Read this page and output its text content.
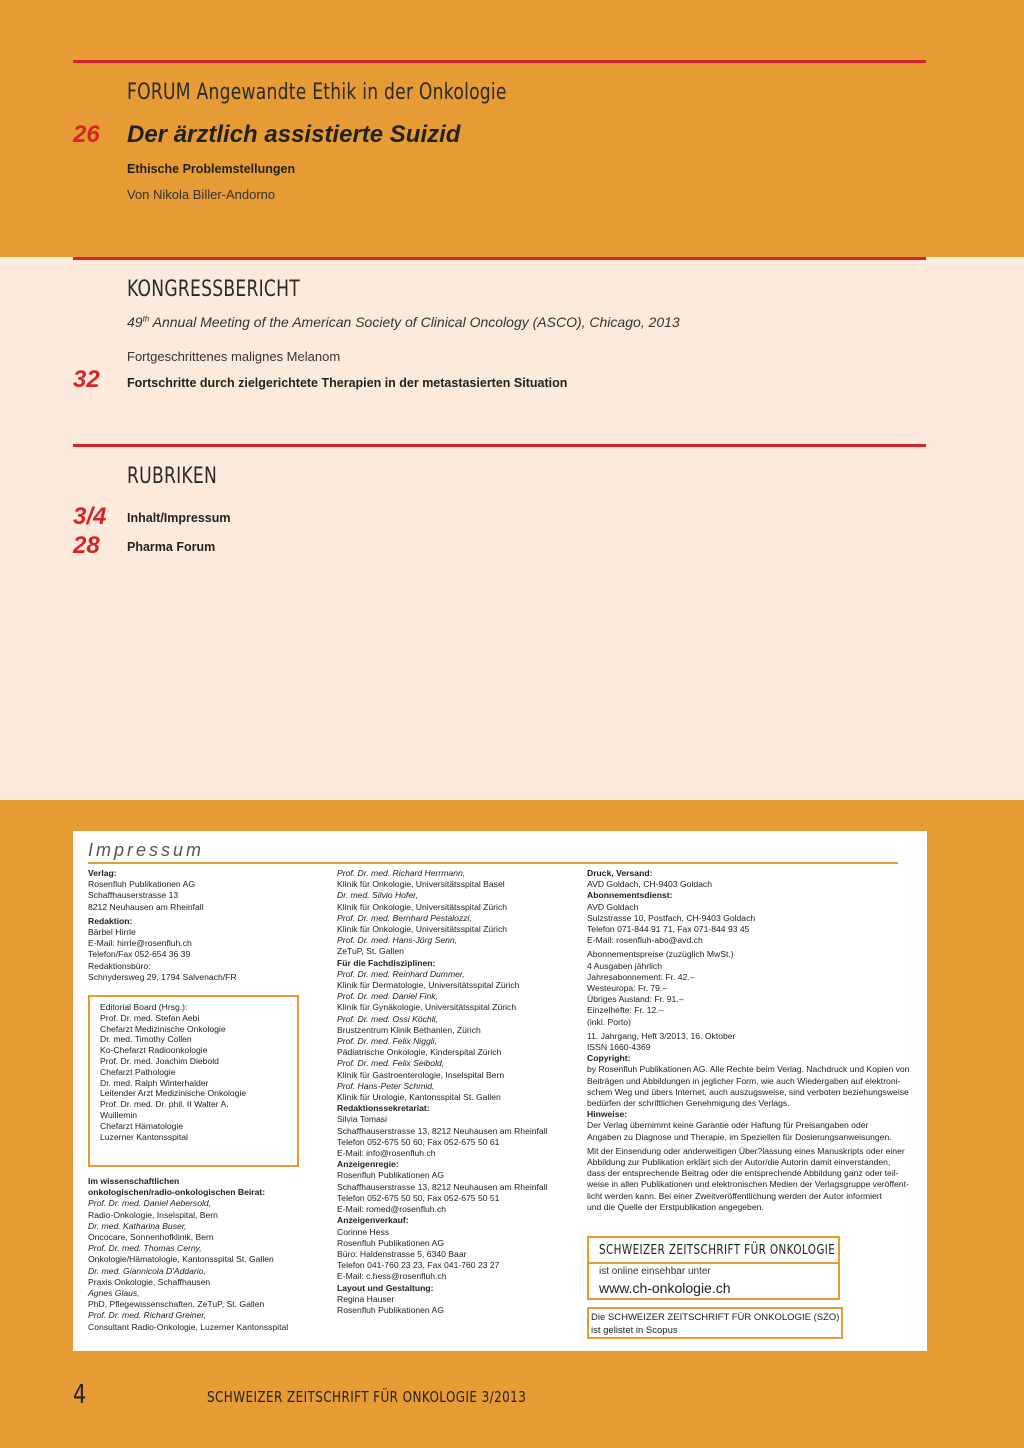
FORUM Angewandte Ethik in der Onkologie
26	Der ärztlich assistierte Suizid
Ethische Problemstellungen
Von Nikola Biller-Andorno
KONGRESSBERICHT
49th Annual Meeting of the American Society of Clinical Oncology (ASCO), Chicago, 2013
Fortgeschrittenes malignes Melanom
32	Fortschritte durch zielgerichtete Therapien in der metastasierten Situation
RUBRIKEN
3/4 Inhalt/Impressum
28	Pharma Forum
Impressum
Verlag:
Rosenfluh Publikationen AG
Schaffhauserstrasse 13
8212 Neuhausen am Rheinfall
Redaktion:
Bärbel Hirrle
E-Mail: hirrle@rosenfluh.ch
Telefon/Fax 052-654 36 39
Redaktionsbüro:
Schnydersweg 29, 1794 Salvenach/FR
Editorial Board (Hrsg.):
Prof. Dr. med. Stefan Aebi
Chefarzt Medizinische Onkologie
Dr. med. Timothy Collen
Ko-Chefarzt Radioonkologie
Prof. Dr. med. Joachim Diebold
Chefarzt Pathologie
Dr. med. Ralph Winterhalder
Leitender Arzt Medizinische Onkologie
Prof. Dr. med. Dr. phil. II Walter A.
Wuillemin
Chefarzt Hämatologie
Luzerner Kantonsspital
Im wissenschaftlichen
onkologischen/radio-onkologischen Beirat:
Prof. Dr. med. Daniel Aebersold,
Radio-Onkologie, Inselspital, Bern
Dr. med. Katharina Buser,
Oncocare, Sonnenhofklinik, Bern
Prof. Dr. med. Thomas Cerny,
Onkologie/Hämatologie, Kantonsspital St. Gallen
Dr. med. Giannicola D'Addario,
Praxis Onkologie, Schaffhausen
Agnes Glaus,
PhD, Pflegewissenschaften, ZeTuP, St. Gallen
Prof. Dr. med. Richard Greiner,
Consultant Radio-Onkologie, Luzerner Kantonsspital
Prof. Dr. med. Richard Herrmann,
Klinik für Onkologie, Universitätsspital Basel
Dr. med. Silvio Hofer,
Klinik für Onkologie, Universitätsspital Zürich
Prof. Dr. med. Bernhard Pestalozzi,
Klinik für Onkologie, Universitätsspital Zürich
Prof. Dr. med. Hans-Jörg Senn,
ZeTuP, St. Gallen
Für die Fachdisziplinen:
Prof. Dr. med. Reinhard Dummer,
Klinik für Dermatologie, Universitätsspital Zürich
Prof. Dr. med. Daniel Fink,
Klinik für Gynäkologie, Universitätsspital Zürich
Prof. Dr. med. Ossi Köchli,
Brustzentrum Klinik Bethanien, Zürich
Prof. Dr. med. Felix Niggli,
Pädiatrische Onkologie, Kinderspital Zürich
Prof. Dr. med. Felix Seibold,
Klinik für Gastroenterologie, Inselspital Bern
Prof. Hans-Peter Schmid,
Klinik für Urologie, Kantonsspital St. Gallen
Redaktionssekretariat:
Silvia Tomasi
Schaffhauserstrasse 13, 8212 Neuhausen am Rheinfall
Telefon 052-675 50 60, Fax 052-675 50 61
E-Mail: info@rosenfluh.ch
Anzeigenregie:
Rosenfluh Publikationen AG
Schaffhauserstrasse 13, 8212 Neuhausen am Rheinfall
Telefon 052-675 50 50, Fax 052-675 50 51
E-Mail: romed@rosenfluh.ch
Anzeigenverkauf:
Corinne Hess
Rosenfluh Publikationen AG
Büro: Haldenstrasse 5, 6340 Baar
Telefon 041-760 23 23, Fax 041-760 23 27
E-Mail: c.hess@rosenfluh.ch
Layout und Gestaltung:
Regina Hauser
Rosenfluh Publikationen AG
Druck, Versand:
AVD Goldach, CH-9403 Goldach
Abonnementsdienst:
AVD Goldach
Sulzstrasse 10, Postfach, CH-9403 Goldach
Telefon 071-844 91 71, Fax 071-844 93 45
E-Mail: rosenfluh-abo@avd.ch
Abonnementspreise (zuzüglich MwSt.)
4 Ausgaben jährlich
Jahresabonnement: Fr. 42.–
Westeuropa: Fr. 79.–
Übriges Ausland: Fr. 91.–
Einzelhefte: Fr. 12.–
(inkl. Porto)
11. Jahrgang, Heft 3/2013, 16. Oktober
ISSN 1660-4369
Copyright:
by Rosenfluh Publikationen AG. Alle Rechte beim Verlag. Nachdruck und Kopien von
Beiträgen und Abbildungen in jeglicher Form, wie auch Wiedergaben auf elektroni-
schem Weg und übers Internet, auch auszugsweise, sind verboten beziehungsweise
bedürfen der schriftlichen Genehmigung des Verlags.
Hinweise:
Der Verlag übernimmt keine Garantie oder Haftung für Preisangaben oder
Angaben zu Diagnose und Therapie, im Speziellen für Dosierungsanweisungen.
Mit der Einsendung oder anderweitigen Über?lassung eines Manuskripts oder einer
Abbildung zur Publikation erklärt sich der Autor/die Autorin damit einverstanden,
dass der entsprechende Beitrag oder die entsprechende Abbildung ganz oder teil-
weise in allen Publikationen und elektronischen Medien der Verlagsgruppe veröffent-
licht werden kann. Bei einer Zweitveröffentlichung werden der Autor informiert
und die Quelle der Erstpublikation angegeben.
SCHWEIZER ZEITSCHRIFT FÜR ONKOLOGIE
ist online einsehbar unter
www.ch-onkologie.ch
Die SCHWEIZER ZEITSCHRIFT FÜR ONKOLOGIE (SZO)
ist gelistet in Scopus
4	SCHWEIZER ZEITSCHRIFT FÜR ONKOLOGIE 3/2013
